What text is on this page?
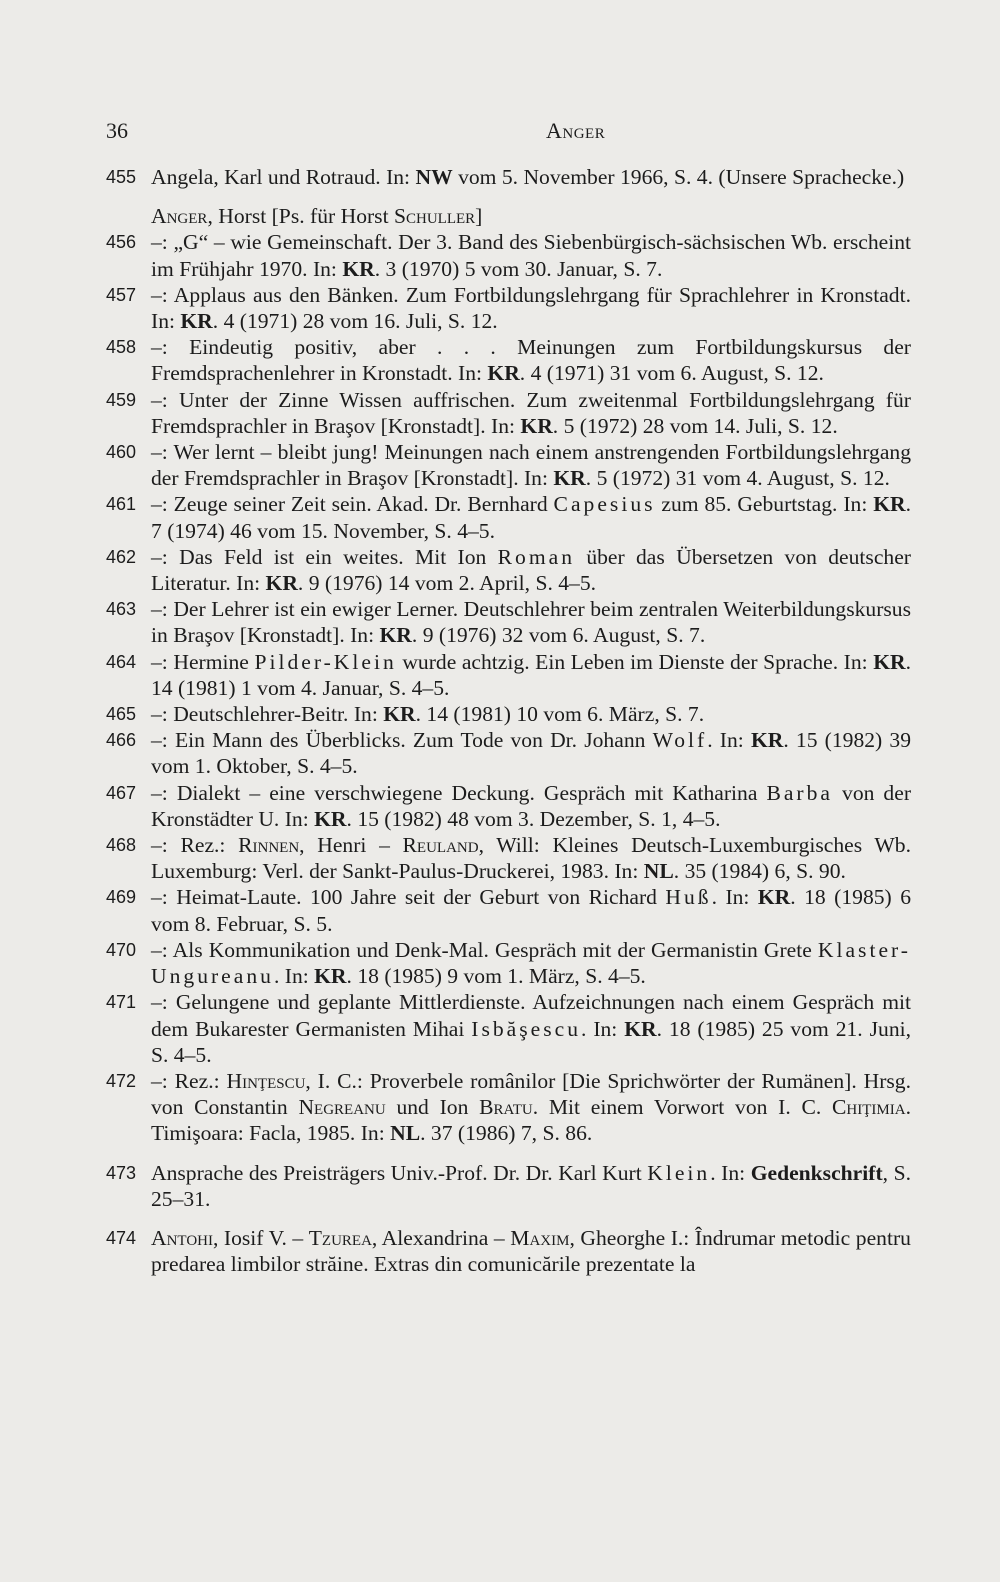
36	Anger
455 Angela, Karl und Rotraud. In: NW vom 5. November 1966, S. 4. (Unsere Sprachecke.)
Anger, Horst [Ps. für Horst Schuller]
456 –: „G“ – wie Gemeinschaft. Der 3. Band des Siebenbürgisch-sächsischen Wb. erscheint im Frühjahr 1970. In: KR. 3 (1970) 5 vom 30. Januar, S. 7.
457 –: Applaus aus den Bänken. Zum Fortbildungslehrgang für Sprachlehrer in Kronstadt. In: KR. 4 (1971) 28 vom 16. Juli, S. 12.
458 –: Eindeutig positiv, aber . . . Meinungen zum Fortbildungskursus der Fremdsprachenlehrer in Kronstadt. In: KR. 4 (1971) 31 vom 6. August, S. 12.
459 –: Unter der Zinne Wissen auffrischen. Zum zweitenmal Fortbildungslehrgang für Fremdsprachler in Braşov [Kronstadt]. In: KR. 5 (1972) 28 vom 14. Juli, S. 12.
460 –: Wer lernt – bleibt jung! Meinungen nach einem anstrengenden Fortbildungslehrgang der Fremdsprachler in Braşov [Kronstadt]. In: KR. 5 (1972) 31 vom 4. August, S. 12.
461 –: Zeuge seiner Zeit sein. Akad. Dr. Bernhard Capesius zum 85. Geburtstag. In: KR. 7 (1974) 46 vom 15. November, S. 4–5.
462 –: Das Feld ist ein weites. Mit Ion Roman über das Übersetzen von deutscher Literatur. In: KR. 9 (1976) 14 vom 2. April, S. 4–5.
463 –: Der Lehrer ist ein ewiger Lerner. Deutschlehrer beim zentralen Weiterbildungskursus in Braşov [Kronstadt]. In: KR. 9 (1976) 32 vom 6. August, S. 7.
464 –: Hermine Pilder-Klein wurde achtzig. Ein Leben im Dienste der Sprache. In: KR. 14 (1981) 1 vom 4. Januar, S. 4–5.
465 –: Deutschlehrer-Beitr. In: KR. 14 (1981) 10 vom 6. März, S. 7.
466 –: Ein Mann des Überblicks. Zum Tode von Dr. Johann Wolf. In: KR. 15 (1982) 39 vom 1. Oktober, S. 4–5.
467 –: Dialekt – eine verschwiegene Deckung. Gespräch mit Katharina Barba von der Kronstädter U. In: KR. 15 (1982) 48 vom 3. Dezember, S. 1, 4–5.
468 –: Rez.: Rinnen, Henri – Reuland, Will: Kleines Deutsch-Luxemburgisches Wb. Luxemburg: Verl. der Sankt-Paulus-Druckerei, 1983. In: NL. 35 (1984) 6, S. 90.
469 –: Heimat-Laute. 100 Jahre seit der Geburt von Richard Huß. In: KR. 18 (1985) 6 vom 8. Februar, S. 5.
470 –: Als Kommunikation und Denk-Mal. Gespräch mit der Germanistin Grete Klaster-Ungureanu. In: KR. 18 (1985) 9 vom 1. März, S. 4–5.
471 –: Gelungene und geplante Mittlerdienste. Aufzeichnungen nach einem Gespräch mit dem Bukarester Germanisten Mihai Isbăşescu. In: KR. 18 (1985) 25 vom 21. Juni, S. 4–5.
472 –: Rez.: Hinţescu, I. C.: Proverbele românilor [Die Sprichwörter der Rumänen]. Hrsg. von Constantin Negreanu und Ion Bratu. Mit einem Vorwort von I. C. Chiţimia. Timişoara: Facla, 1985. In: NL. 37 (1986) 7, S. 86.
473 Ansprache des Preisträgers Univ.-Prof. Dr. Dr. Karl Kurt Klein. In: Gedenkschrift, S. 25–31.
474 Antohi, Iosif V. – Tzurea, Alexandrina – Maxim, Gheorghe I.: Îndrumar metodic pentru predarea limbilor străine. Extras din comunicările prezentate la
